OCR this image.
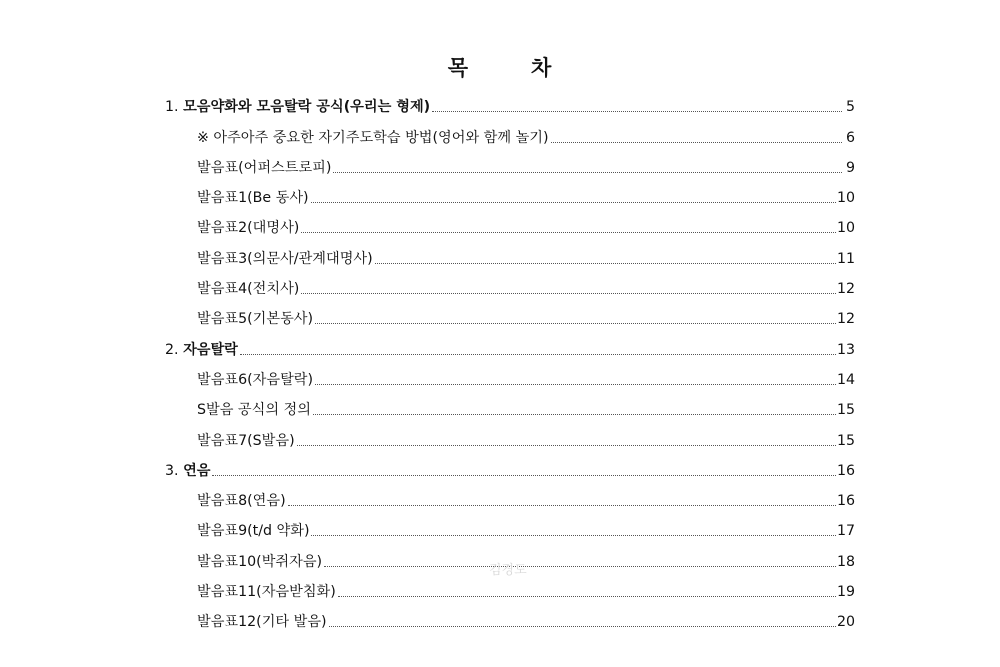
목	차
1. 모음약화와 모음탈락 공식(우리는 형제)	5
※ 아주아주 중요한 자기주도학습 방법(영어와 함께 놀기)	6
발음표(어퍼스트로피)	9
발음표1(Be 동사)	10
발음표2(대명사)	10
발음표3(의문사/관계대명사)	11
발음표4(전치사)	12
발음표5(기본동사)	12
2. 자음탈락	13
발음표6(자음탈락)	14
S발음 공식의 정의	15
발음표7(S발음)	15
3. 연음	16
발음표8(연음)	16
발음표9(t/d 약화)	17
발음표10(박쥐자음)	18
발음표11(자음받침화)	19
발음표12(기타 발음)	20
김경도
